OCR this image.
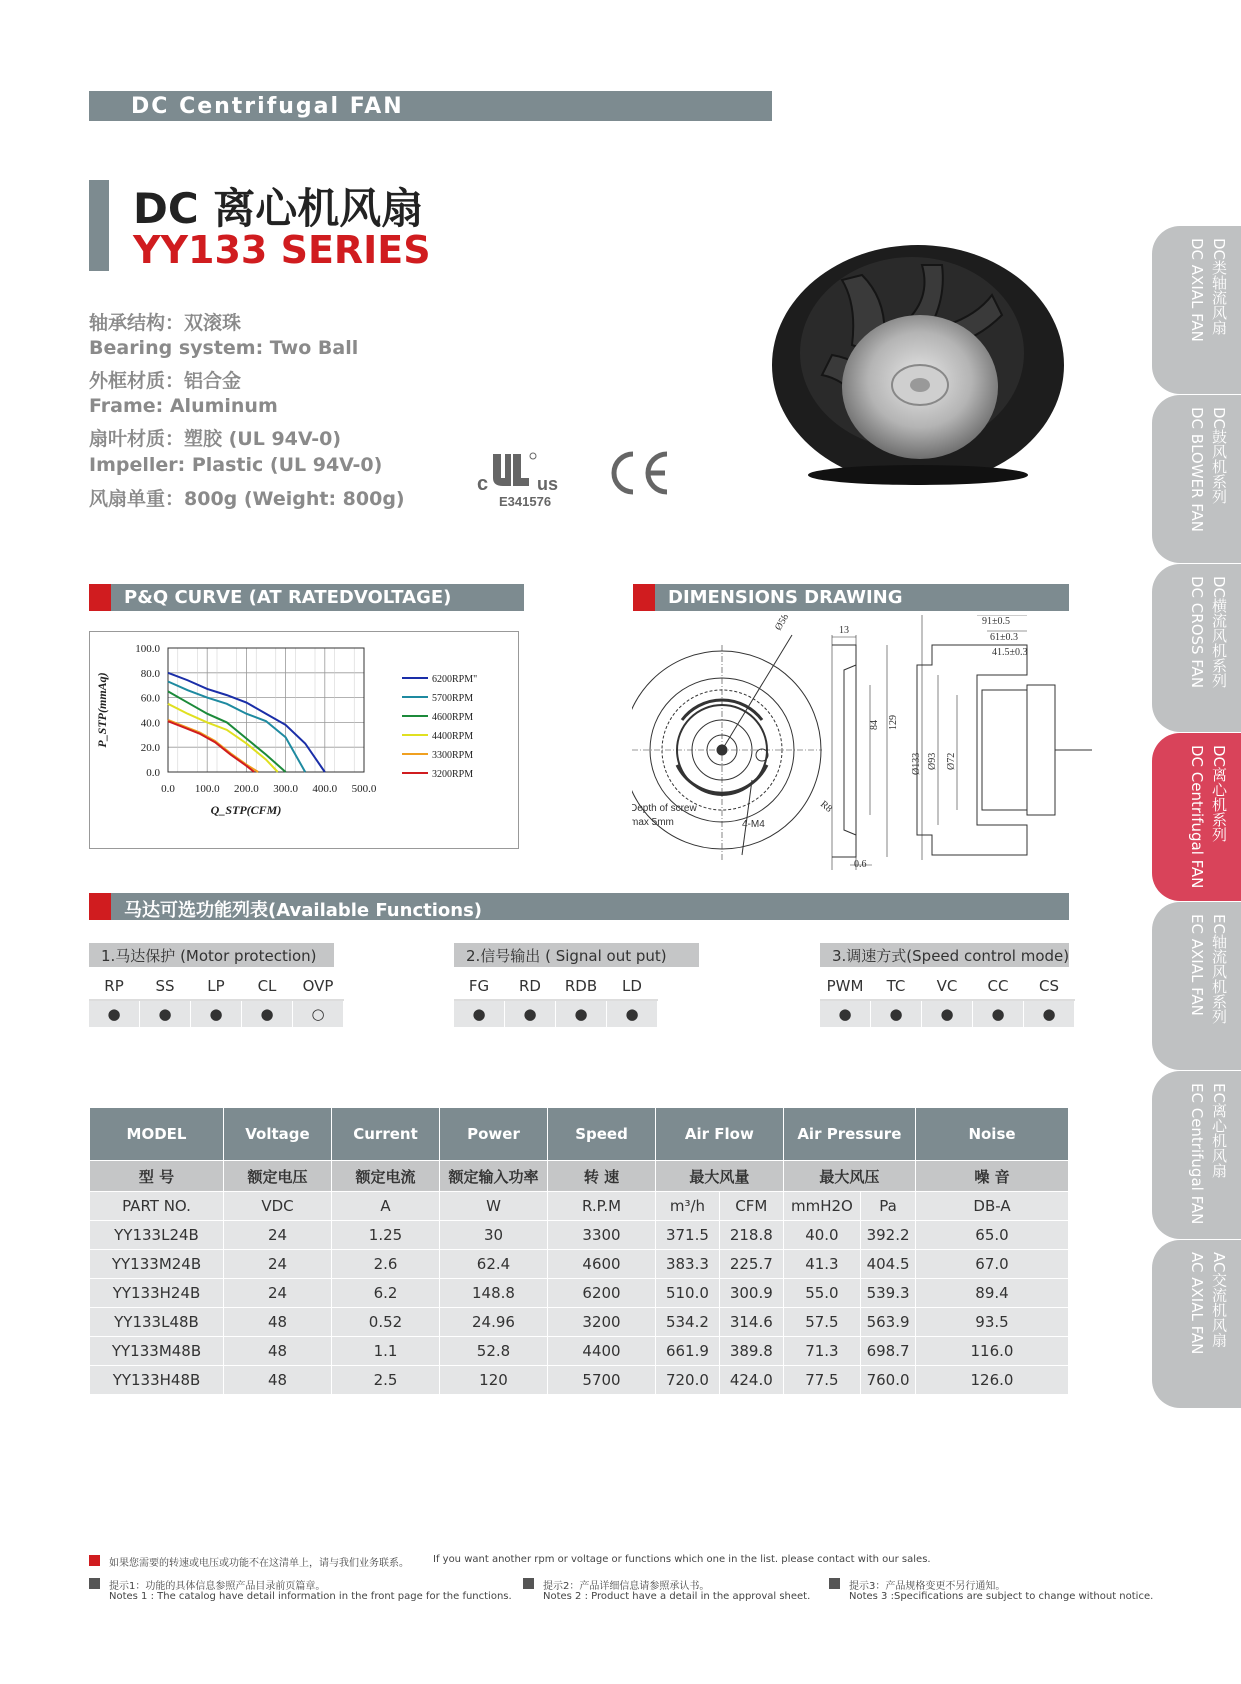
DC Centrifugal FAN
DC 离心机风扇
YY133 SERIES
轴承结构：双滚珠
Bearing system: Two Ball
外框材质：铝合金
Frame: Aluminum
扇叶材质：塑胶 (UL 94V-0)
Impeller: Plastic (UL 94V-0)
风扇单重：800g (Weight: 800g)
c	us
E341576
DC类轴流风扇
DC AXIAL FAN
DC鼓风机系列
DC BLOWER FAN
DC横流风机系列
DC CROSS FAN
DC离心机系列
DC Centrifugal FAN
EC轴流风机系列
EC AXIAL FAN
EC离心机风扇
EC Centrifugal FAN
AC交流机风扇
AC AXIAL FAN
P&Q CURVE (AT RATEDVOLTAGE)	DIMENSIONS DRAWING
马达可选功能列表(Available Functions)
0.0 100.0 200.0 300.0 400.0 500.0
0.0
20.0
40.0
60.0
80.0
100.0
Q_STP(CFM)
P_STP(mmAq)	6200RPM"
5700RPM
4600RPM
4400RPM
3300RPM
3200RPM
Ø58	13
84 129
R8
0.6
Depth of screw
max 5mm	4-M4
91±0.5
61±0.3
41.5±0.3
Ø133 Ø93 Ø72
1.马达保护 (Motor protection)
RP	SS	LP	CL	OVP
●	●	●	●	○
2.信号输出 ( Signal out put)
FG	RD	RDB	LD
●	●	●	●
3.调速方式(Speed control mode)
PWM	TC	VC	CC	CS
●	●	●	●	●
MODEL	Voltage	Current	Power	Speed	Air Flow		Air Pressure		Noise
型 号	额定电压	额定电流	额定输入功率	转 速	最大风量		最大风压		噪 音
PART NO.	VDC	A	W	R.P.M	m³/h	CFM	mmH2O	Pa	DB-A
YY133L24B	24	1.25	30	3300	371.5	218.8	40.0	392.2	65.0
YY133M24B	24	2.6	62.4	4600	383.3	225.7	41.3	404.5	67.0
YY133H24B	24	6.2	148.8	6200	510.0	300.9	55.0	539.3	89.4
YY133L48B	48	0.52	24.96	3200	534.2	314.6	57.5	563.9	93.5
YY133M48B	48	1.1	52.8	4400	661.9	389.8	71.3	698.7	116.0
YY133H48B	48	2.5	120	5700	720.0	424.0	77.5	760.0	126.0
如果您需要的转速或电压或功能不在这清单上，请与我们业务联系。 If you want another rpm or voltage or functions which one in the list. please contact with our sales.
提示1：功能的具体信息参照产品目录前页篇章。
Notes 1 : The catalog have detail information in the front page for the functions.
提示2：产品详细信息请参照承认书。
Notes 2 : Product have a detail in the approval sheet.
提示3：产品规格变更不另行通知。
Notes 3 :Specifications are subject to change without notice.
